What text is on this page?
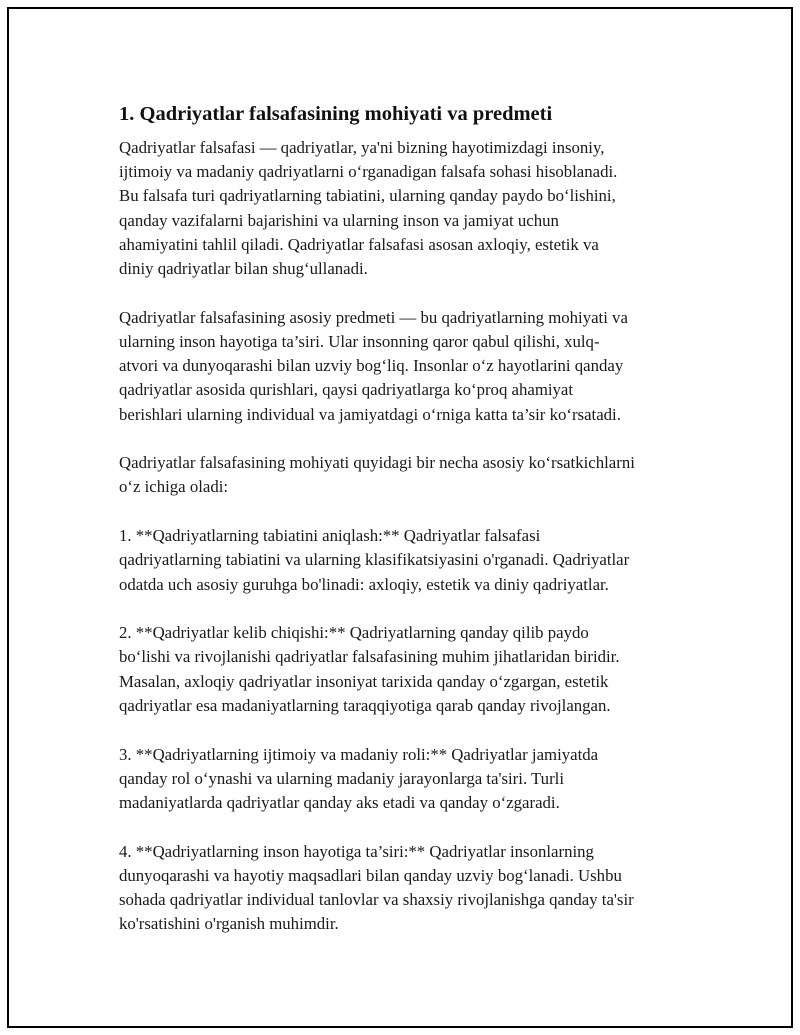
1. Qadriyatlar falsafasining mohiyati va predmeti

Qadriyatlar falsafasi — qadriyatlar, ya'ni bizning hayotimizdagi insoniy,
ijtimoiy va madaniy qadriyatlarni o‘rganadigan falsafa sohasi hisoblanadi.
Bu falsafa turi qadriyatlarning tabiatini, ularning qanday paydo bo‘lishini,
qanday vazifalarni bajarishini va ularning inson va jamiyat uchun
ahamiyatini tahlil qiladi. Qadriyatlar falsafasi asosan axloqiy, estetik va
diniy qadriyatlar bilan shug‘ullanadi.

Qadriyatlar falsafasining asosiy predmeti — bu qadriyatlarning mohiyati va
ularning inson hayotiga ta’siri. Ular insonning qaror qabul qilishi, xulq-
atvori va dunyoqarashi bilan uzviy bog‘liq. Insonlar o‘z hayotlarini qanday
qadriyatlar asosida qurishlari, qaysi qadriyatlarga ko‘proq ahamiyat
berishlari ularning individual va jamiyatdagi o‘rniga katta ta’sir ko‘rsatadi.

Qadriyatlar falsafasining mohiyati quyidagi bir necha asosiy ko‘rsatkichlarni
o‘z ichiga oladi:

1. **Qadriyatlarning tabiatini aniqlash:** Qadriyatlar falsafasi
qadriyatlarning tabiatini va ularning klasifikatsiyasini o'rganadi. Qadriyatlar
odatda uch asosiy guruhga bo'linadi: axloqiy, estetik va diniy qadriyatlar.

2. **Qadriyatlar kelib chiqishi:** Qadriyatlarning qanday qilib paydo
bo‘lishi va rivojlanishi qadriyatlar falsafasining muhim jihatlaridan biridir.
Masalan, axloqiy qadriyatlar insoniyat tarixida qanday o‘zgargan, estetik
qadriyatlar esa madaniyatlarning taraqqiyotiga qarab qanday rivojlangan.

3. **Qadriyatlarning ijtimoiy va madaniy roli:** Qadriyatlar jamiyatda
qanday rol o‘ynashi va ularning madaniy jarayonlarga ta'siri. Turli
madaniyatlarda qadriyatlar qanday aks etadi va qanday o‘zgaradi.

4. **Qadriyatlarning inson hayotiga ta’siri:** Qadriyatlar insonlarning
dunyoqarashi va hayotiy maqsadlari bilan qanday uzviy bog‘lanadi. Ushbu
sohada qadriyatlar individual tanlovlar va shaxsiy rivojlanishga qanday ta'sir
ko'rsatishini o'rganish muhimdir.
